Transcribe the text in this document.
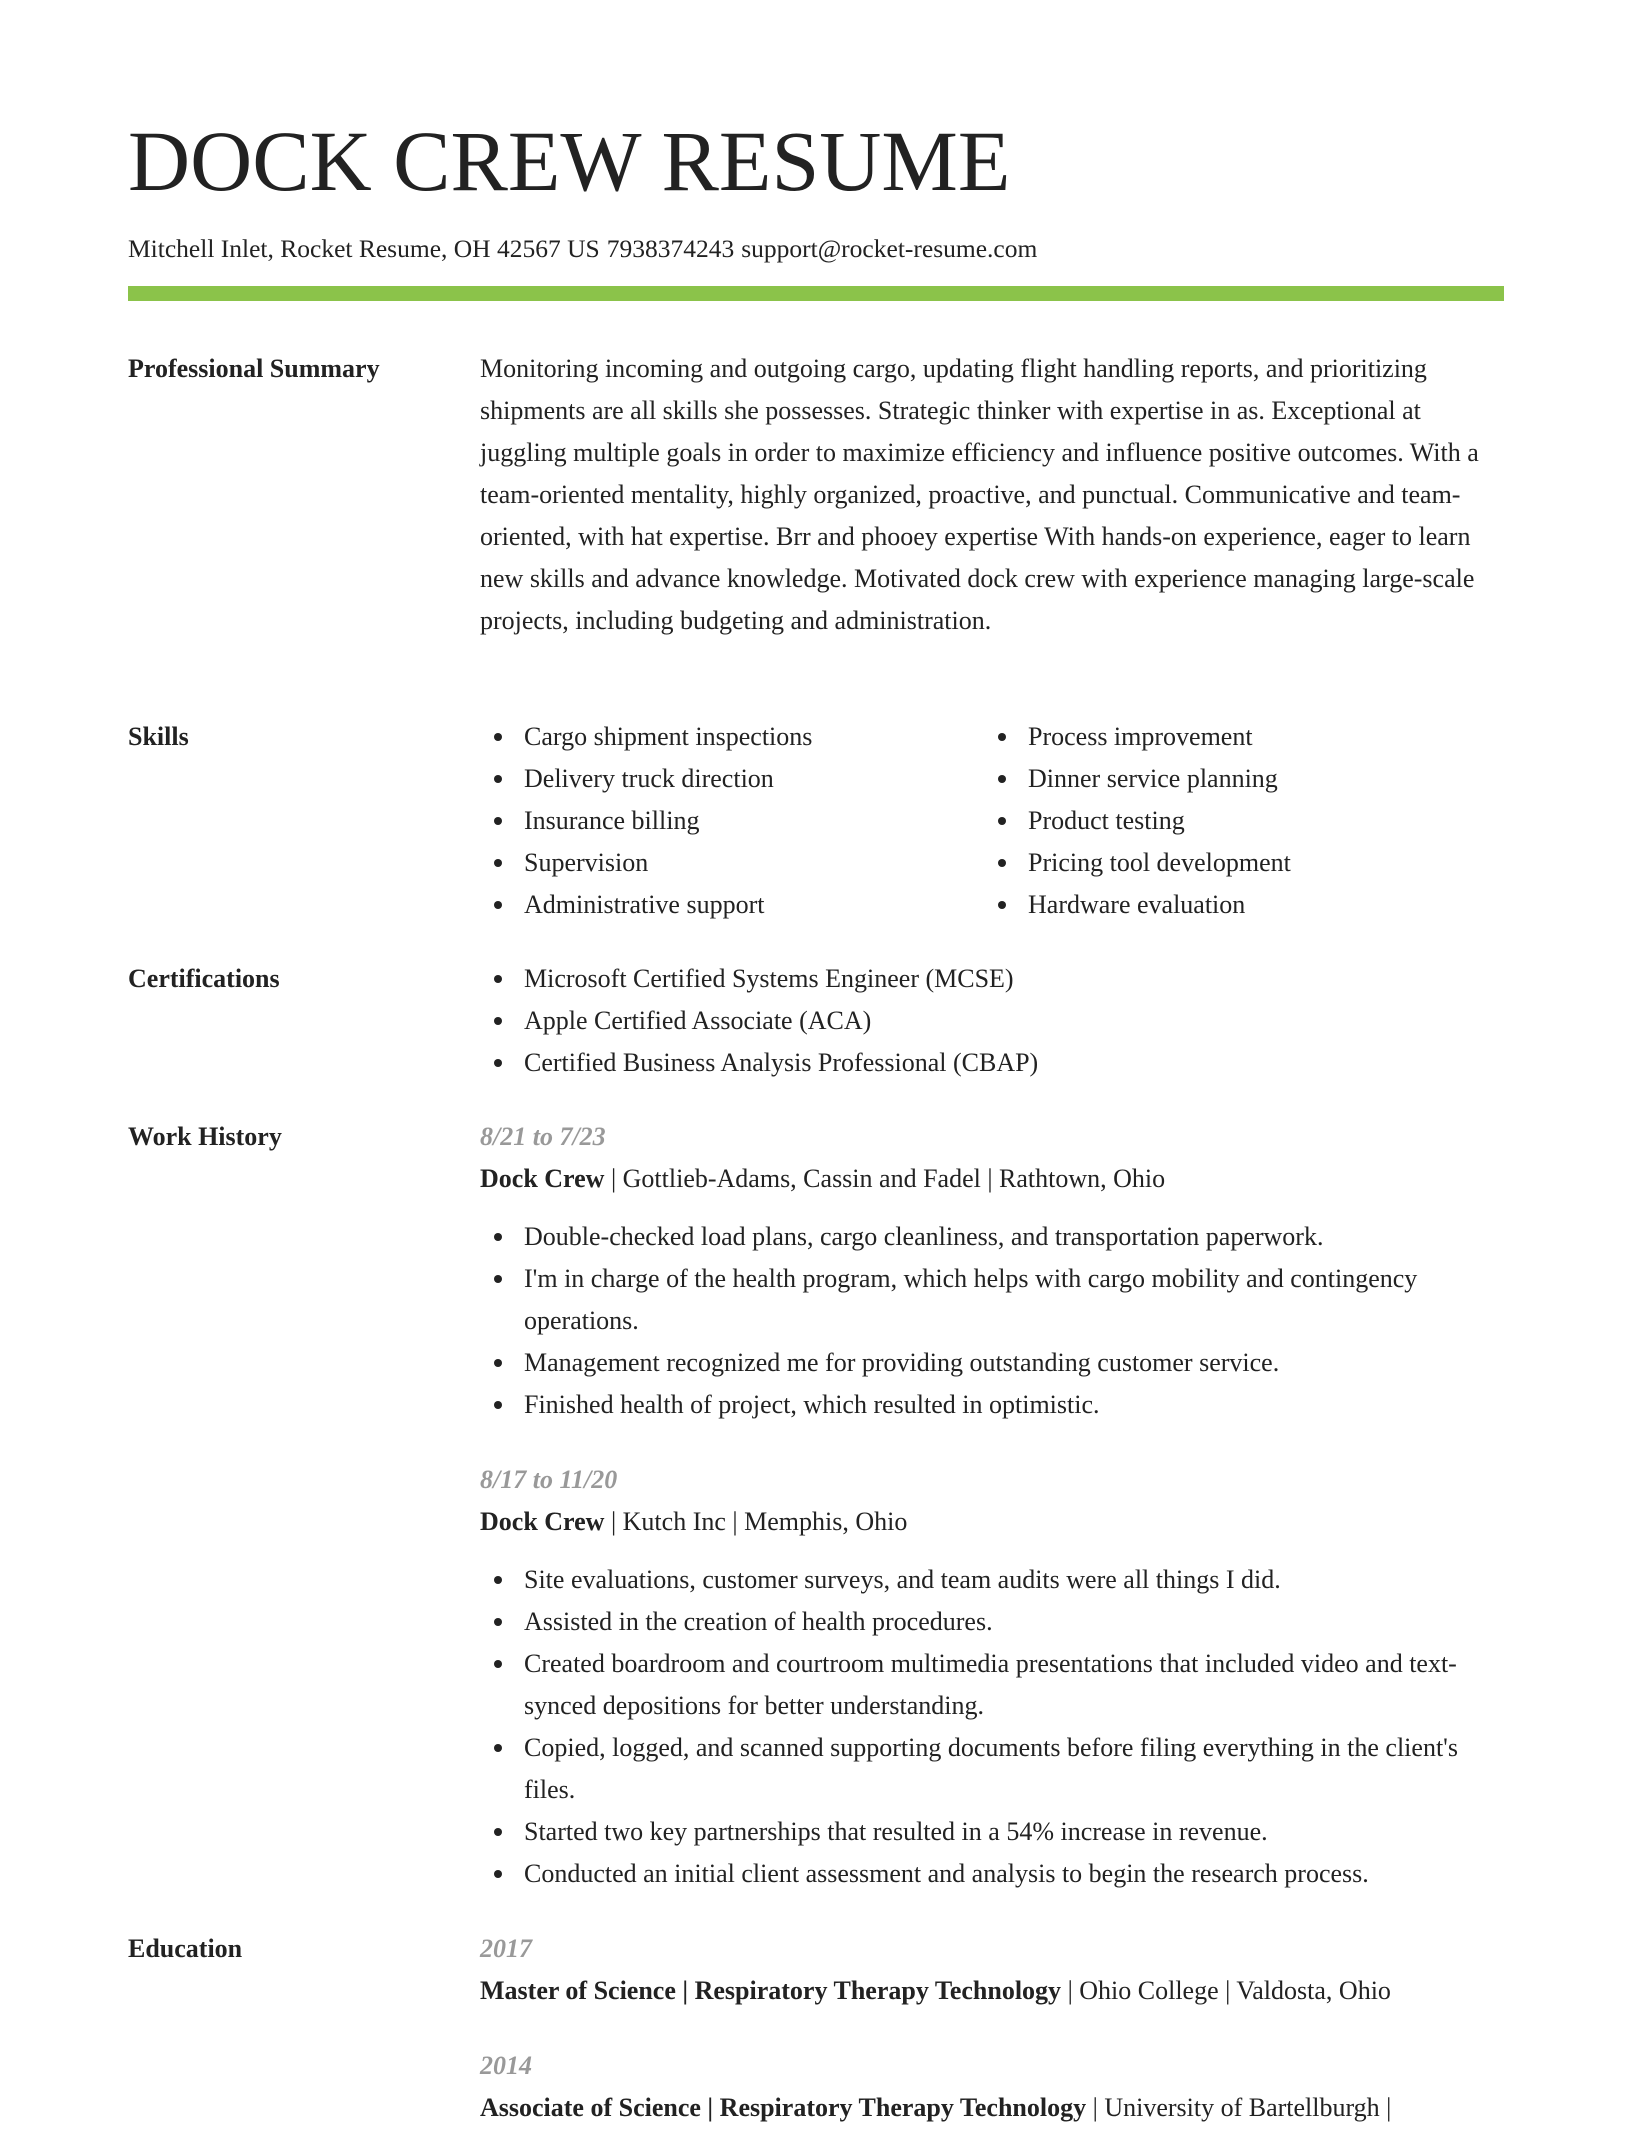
DOCK CREW RESUME
Mitchell Inlet, Rocket Resume, OH 42567 US 7938374243 support@rocket-resume.com
Professional Summary	Monitoring incoming and outgoing cargo, updating flight handling reports, and prioritizing shipments are all skills she possesses. Strategic thinker with expertise in as. Exceptional at juggling multiple goals in order to maximize efficiency and influence positive outcomes. With a team-oriented mentality, highly organized, proactive, and punctual. Communicative and team-oriented, with hat expertise. Brr and phooey expertise With hands-on experience, eager to learn new skills and advance knowledge. Motivated dock crew with experience managing large-scale projects, including budgeting and administration.

Skills	Cargo shipment inspections
Delivery truck direction
Insurance billing
Supervision
Administrative support
Process improvement
Dinner service planning
Product testing
Pricing tool development
Hardware evaluation
Certifications	Microsoft Certified Systems Engineer (MCSE)
Apple Certified Associate (ACA)
Certified Business Analysis Professional (CBAP)
Work History	8/21 to 7/23
Dock Crew | Gottlieb-Adams, Cassin and Fadel | Rathtown, Ohio
Double-checked load plans, cargo cleanliness, and transportation paperwork.
I'm in charge of the health program, which helps with cargo mobility and contingency operations.
Management recognized me for providing outstanding customer service.
Finished health of project, which resulted in optimistic.
8/17 to 11/20
Dock Crew | Kutch Inc | Memphis, Ohio
Site evaluations, customer surveys, and team audits were all things I did.
Assisted in the creation of health procedures.
Created boardroom and courtroom multimedia presentations that included video and text-synced depositions for better understanding.
Copied, logged, and scanned supporting documents before filing everything in the client's files.
Started two key partnerships that resulted in a 54% increase in revenue.
Conducted an initial client assessment and analysis to begin the research process.
Education	2017
Master of Science | Respiratory Therapy Technology | Ohio College | Valdosta, Ohio
2014
Associate of Science | Respiratory Therapy Technology | University of Bartellburgh |
